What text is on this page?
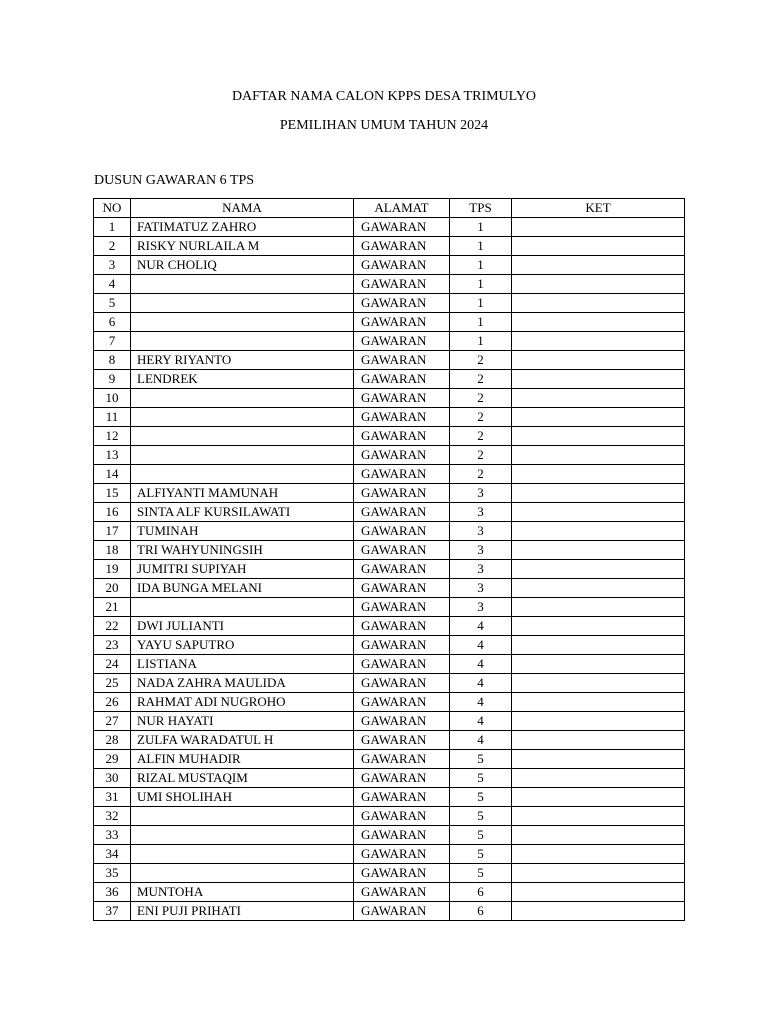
DAFTAR NAMA CALON KPPS DESA TRIMULYO

PEMILIHAN UMUM TAHUN 2024

DUSUN GAWARAN 6 TPS

NO	NAMA	ALAMAT	TPS	KET
1	FATIMATUZ ZAHRO	GAWARAN	1	
2	RISKY NURLAILA M	GAWARAN	1	
3	NUR CHOLIQ	GAWARAN	1	
4		GAWARAN	1	
5		GAWARAN	1	
6		GAWARAN	1	
7		GAWARAN	1	
8	HERY RIYANTO	GAWARAN	2	
9	LENDREK	GAWARAN	2	
10		GAWARAN	2	
11		GAWARAN	2	
12		GAWARAN	2	
13		GAWARAN	2	
14		GAWARAN	2	
15	ALFIYANTI MAMUNAH	GAWARAN	3	
16	SINTA ALF KURSILAWATI	GAWARAN	3	
17	TUMINAH	GAWARAN	3	
18	TRI WAHYUNINGSIH	GAWARAN	3	
19	JUMITRI SUPIYAH	GAWARAN	3	
20	IDA BUNGA MELANI	GAWARAN	3	
21		GAWARAN	3	
22	DWI JULIANTI	GAWARAN	4	
23	YAYU SAPUTRO	GAWARAN	4	
24	LISTIANA	GAWARAN	4	
25	NADA ZAHRA MAULIDA	GAWARAN	4	
26	RAHMAT ADI NUGROHO	GAWARAN	4	
27	NUR HAYATI	GAWARAN	4	
28	ZULFA WARADATUL H	GAWARAN	4	
29	ALFIN MUHADIR	GAWARAN	5	
30	RIZAL MUSTAQIM	GAWARAN	5	
31	UMI SHOLIHAH	GAWARAN	5	
32		GAWARAN	5	
33		GAWARAN	5	
34		GAWARAN	5	
35		GAWARAN	5	
36	MUNTOHA	GAWARAN	6	
37	ENI PUJI PRIHATI	GAWARAN	6	
